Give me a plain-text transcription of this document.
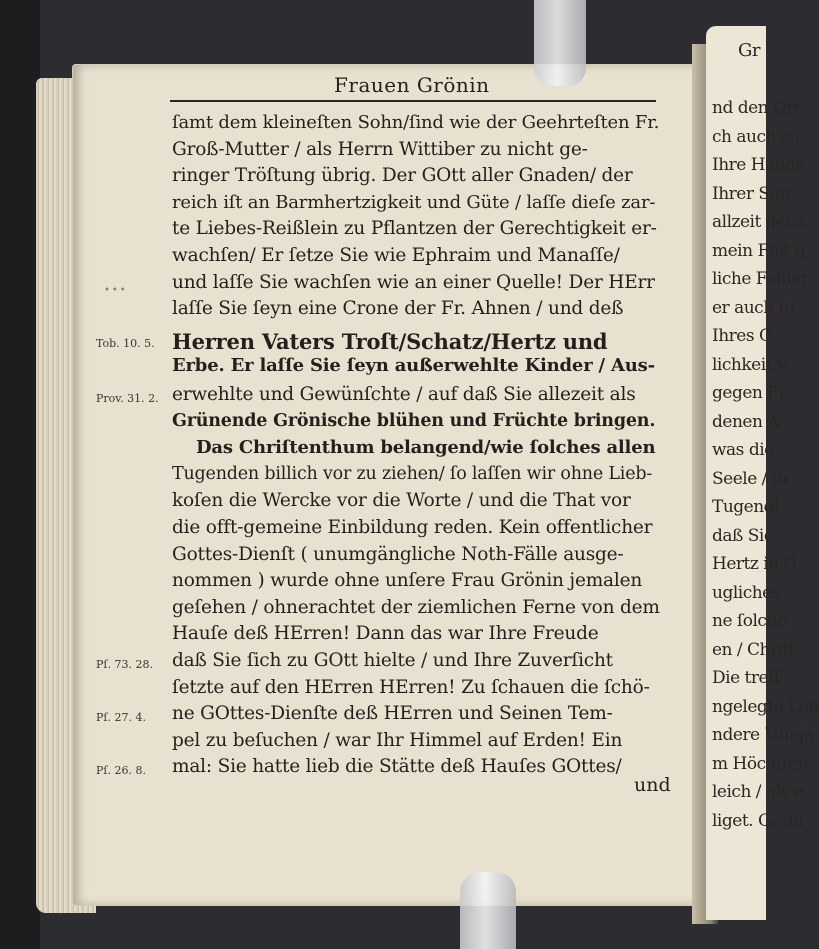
Gr
nd den Ort
ch auch zu
Ihre Hände
Ihrer Sün
allzeit gena
mein Fuß g
liche Fehler
er auch ſo
Ihres C
lichkeit w
gegen Fr
denen A
was die
Seele / ſo
Tugendl
daß Sie
Hertz in G
ugliches
ne ſolche
en / Chriſt
Die treſſ
ngelegte Leb
ndere Umgä
m Höchſten
leich / als e
liget. Gerin
Frauen Grönin
•••
ſamt dem kleineſten Sohn/ſind wie der Geehrteſten Fr.
Groß-Mutter / als Herrn Wittiber zu nicht ge-
ringer Tröſtung übrig. Der GOtt aller Gnaden/ der
reich iſt an Barmhertzigkeit und Güte / laſſe dieſe zar-
te Liebes-Reißlein zu Pflantzen der Gerechtigkeit er-
wachſen/ Er ſetze Sie wie Ephraim und Manaſſe/
und laſſe Sie wachſen wie an einer Quelle! Der HErr
laſſe Sie ſeyn eine Crone der Fr. Ahnen / und deß
Herren Vaters Troſt/Schatz/Hertz und
Erbe. Er laſſe Sie ſeyn außerwehlte Kinder / Aus-
erwehlte und Gewünſchte / auf daß Sie allezeit als
Grünende Grönische blühen und Früchte bringen.
Das Chriſtenthum belangend/wie ſolches allen
Tugenden billich vor zu ziehen/ ſo laſſen wir ohne Lieb-
koſen die Wercke vor die Worte / und die That vor
die offt-gemeine Einbildung reden. Kein offentlicher
Gottes-Dienſt ( unumgängliche Noth-Fälle ausge-
nommen ) wurde ohne unſere Frau Grönin jemalen
geſehen / ohnerachtet der ziemlichen Ferne von dem
Hauſe deß HErren! Dann das war Ihre Freude
daß Sie ſich zu GOtt hielte / und Ihre Zuverſicht
ſetzte auf den HErren HErren! Zu ſchauen die ſchö-
ne GOttes-Dienſte deß HErren und Seinen Tem-
pel zu beſuchen / war Ihr Himmel auf Erden! Ein
mal: Sie hatte lieb die Stätte deß Hauſes GOttes/
Tob. 10. 5.
Prov. 31. 2.
Pſ. 73. 28.
Pſ. 27. 4.
Pſ. 26. 8.
und
